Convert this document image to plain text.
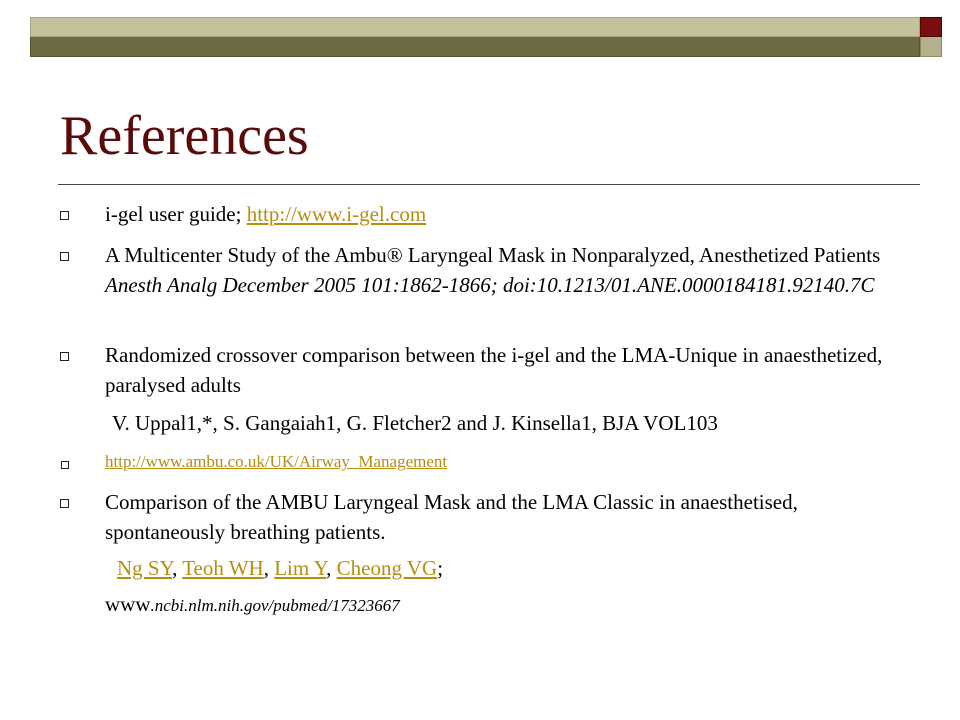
References
i-gel user guide; http://www.i-gel.com
A Multicenter Study of the Ambu® Laryngeal Mask in Nonparalyzed, Anesthetized Patients Anesth Analg December 2005 101:1862-1866; doi:10.1213/01.ANE.0000184181.92140.7C
Randomized crossover comparison between the i-gel and the LMA-Unique in anaesthetized, paralysed adults
V. Uppal1,*, S. Gangaiah1, G. Fletcher2 and J. Kinsella1, BJA VOL103
http://www.ambu.co.uk/UK/Airway_Management
Comparison of the AMBU Laryngeal Mask and the LMA Classic in anaesthetised, spontaneously breathing patients.
Ng SY, Teoh WH, Lim Y, Cheong VG;
www.ncbi.nlm.nih.gov/pubmed/17323667
